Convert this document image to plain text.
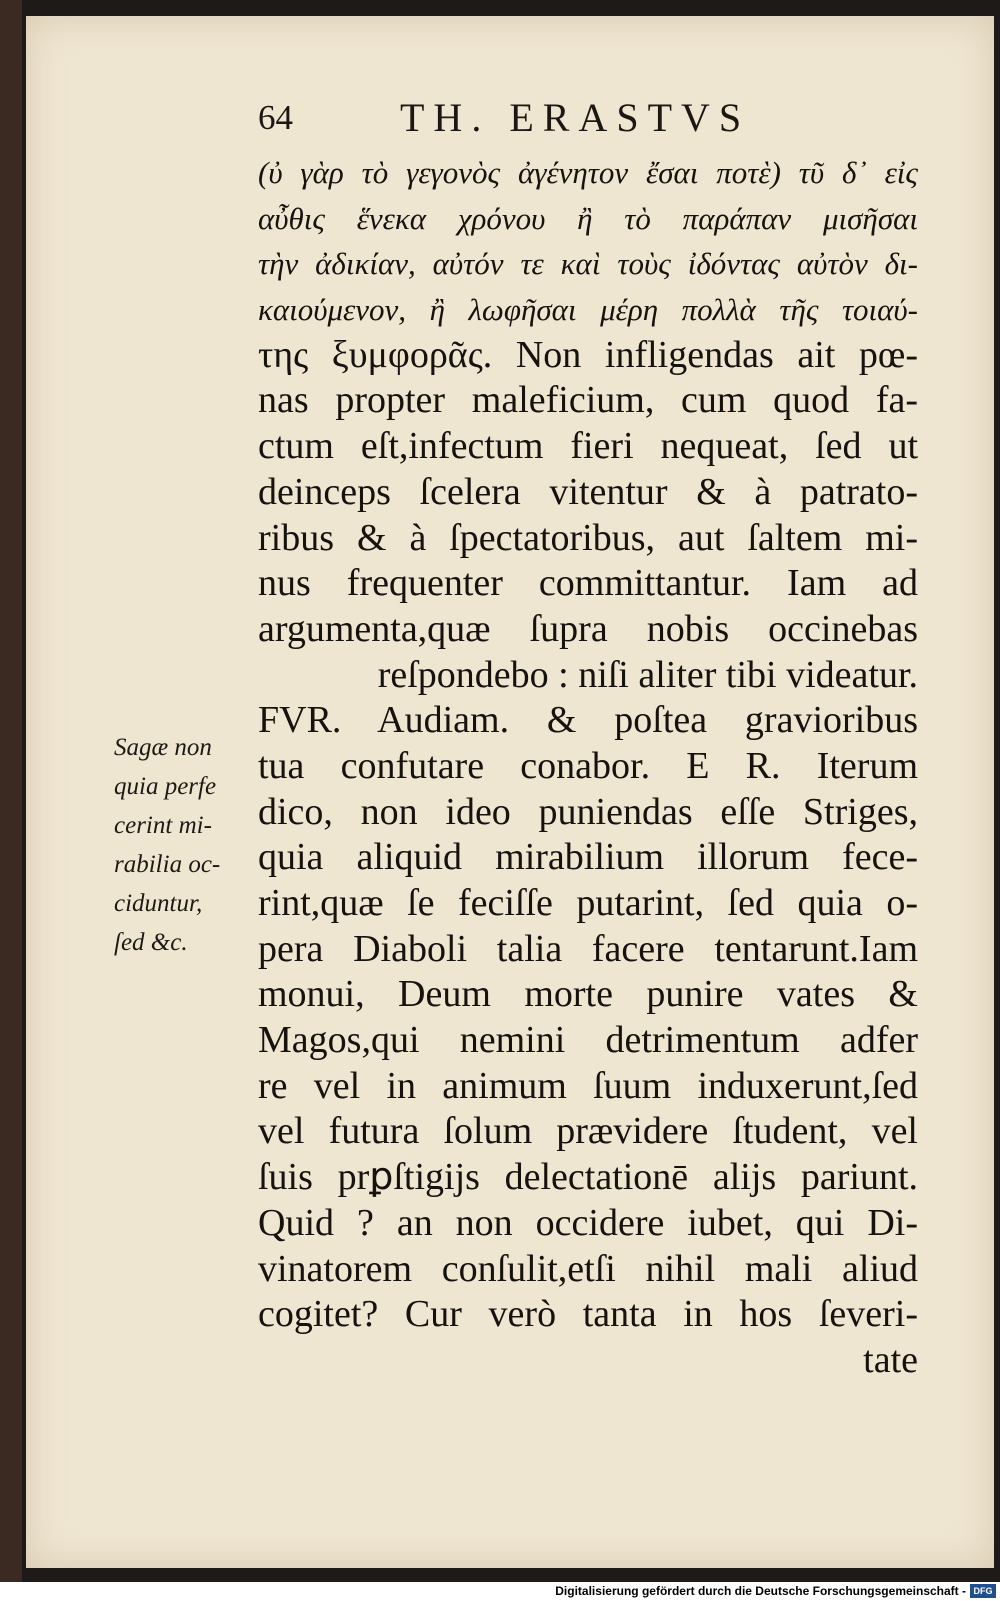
64	TH. ERASTVS
Sagæ non
quia perfe
cerint mi-
rabilia oc-
ciduntur,
ſed &c.
(ὐ γὰρ τὸ γεγονὸς ἀγένητον ἔσαι ποτὲ) τῦ δ᾽ εἰς
αὖθις ἕνεκα χρόνου ἢ τὸ παράπαν μισῆσαι
τὴν ἀδικίαν, αὐτόν τε καὶ τοὺς ἰδόντας αὐτὸν δι-
καιούμενον, ἢ λωφῆσαι μέρη πολλὰ τῆς τοιαύ-
της ξυμφορᾶς. Non infligendas ait pœ-
nas propter maleficium, cum quod fa-
ctum eſt,infectum fieri nequeat, ſed ut
deinceps ſcelera vitentur & à patrato-
ribus & à ſpectatoribus, aut ſaltem mi-
nus frequenter committantur. Iam ad
argumenta,quæ ſupra nobis occinebas
reſpondebo : niſi aliter tibi videatur.
FVR. Audiam. & poſtea gravioribus
tua confutare conabor. E R. Iterum
dico, non ideo puniendas eſſe Striges,
quia aliquid mirabilium illorum fece-
rint,quæ ſe feciſſe putarint, ſed quia o-
pera Diaboli talia facere tentarunt.Iam
monui, Deum morte punire vates &
Magos,qui nemini detrimentum adfer
re vel in animum ſuum induxerunt,ſed
vel futura ſolum prævidere ſtudent, vel
ſuis prꝑſtigijs delectationē alijs pariunt.
Quid ? an non occidere iubet, qui Di-
vinatorem conſulit,etſi nihil mali aliud
cogitet? Cur verò tanta in hos ſeveri-
tate
Digitalisierung gefördert durch die Deutsche Forschungsgemeinschaft - DFG
